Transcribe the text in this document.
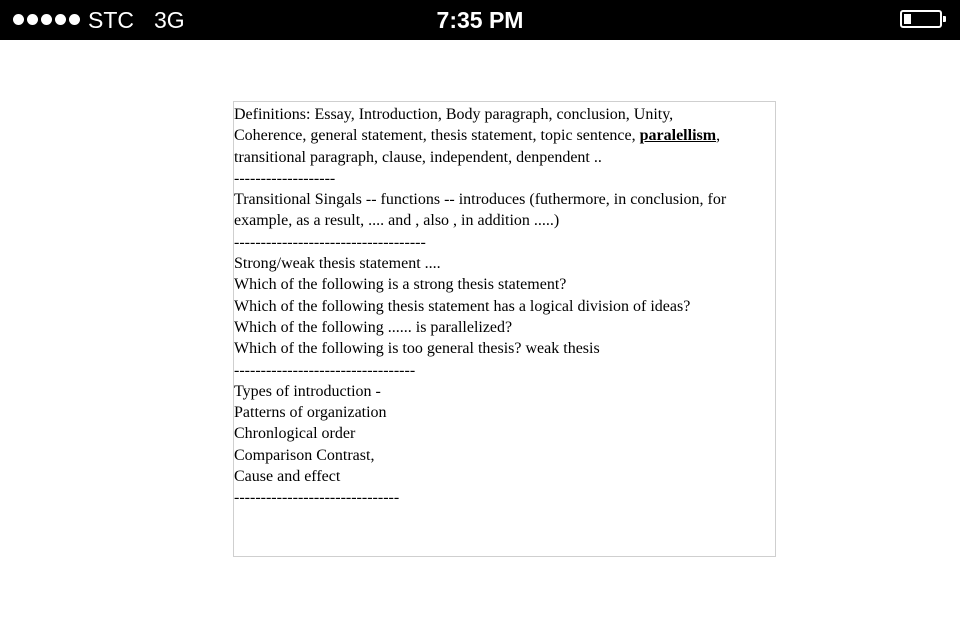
STC 3G	7:35 PM
Definitions: Essay, Introduction, Body paragraph, conclusion, Unity,
Coherence, general statement, thesis statement, topic sentence, paralellism,
transitional paragraph, clause, independent, denpendent ..
-------------------
Transitional Singals -- functions -- introduces (futhermore, in conclusion, for
example, as a result, .... and , also , in addition .....)
------------------------------------
Strong/weak thesis statement ....
Which of the following is a strong thesis statement?
Which of the following thesis statement has a logical division of ideas?
Which of the following ...... is parallelized?
Which of the following is too general thesis? weak thesis
----------------------------------
Types of introduction -
Patterns of organization
Chronlogical order
Comparison Contrast,
Cause and effect
-------------------------------
